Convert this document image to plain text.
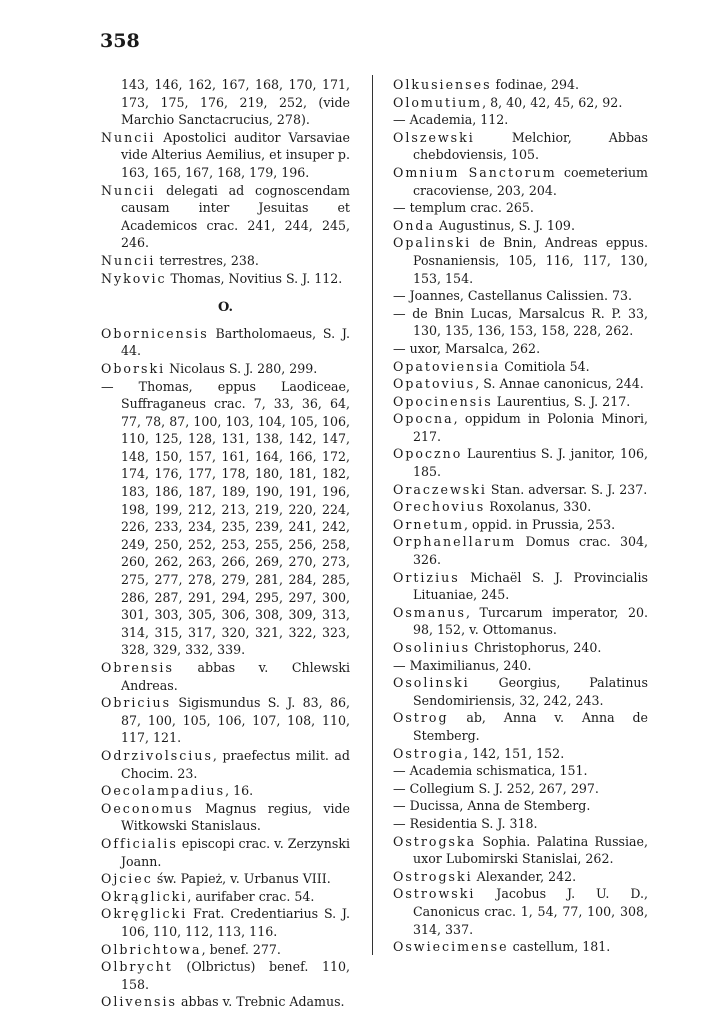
358
143, 146, 162, 167, 168, 170, 171, 173, 175, 176, 219, 252, (vide Marchio Sanctacrucius, 278).
Nuncii Apostolici auditor Varsaviae vide Alterius Aemilius, et insuper p. 163, 165, 167, 168, 179, 196.
Nuncii delegati ad cognoscendam causam inter Jesuitas et Academicos crac. 241, 244, 245, 246.
Nuncii terrestres, 238.
Nykovic Thomas, Novitius S. J. 112.
O.
Obornicensis Bartholomaeus, S. J. 44.
Oborski Nicolaus S. J. 280, 299.
— Thomas, eppus Laodiceae, Suffraganeus crac. 7, 33, 36, 64, 77, 78, 87, 100, 103, 104, 105, 106, 110, 125, 128, 131, 138, 142, 147, 148, 150, 157, 161, 164, 166, 172, 174, 176, 177, 178, 180, 181, 182, 183, 186, 187, 189, 190, 191, 196, 198, 199, 212, 213, 219, 220, 224, 226, 233, 234, 235, 239, 241, 242, 249, 250, 252, 253, 255, 256, 258, 260, 262, 263, 266, 269, 270, 273, 275, 277, 278, 279, 281, 284, 285, 286, 287, 291, 294, 295, 297, 300, 301, 303, 305, 306, 308, 309, 313, 314, 315, 317, 320, 321, 322, 323, 328, 329, 332, 339.
Obrensis abbas v. Chlewski Andreas.
Obricius Sigismundus S. J. 83, 86, 87, 100, 105, 106, 107, 108, 110, 117, 121.
Odrzivolscius, praefectus milit. ad Chocim. 23.
Oecolampadius, 16.
Oeconomus Magnus regius, vide Witkowski Stanislaus.
Officialis episcopi crac. v. Zerzynski Joann.
Ojciec św. Papież, v. Urbanus VIII.
Okrąglicki, aurifaber crac. 54.
Okręglicki Frat. Credentiarius S. J. 106, 110, 112, 113, 116.
Olbrichtowa, benef. 277.
Olbrycht (Olbrictus) benef. 110, 158.
Olivensis abbas v. Trebnic Adamus.
Olkusienses fodinae, 294.
Olomutium, 8, 40, 42, 45, 62, 92.
— Academia, 112.
Olszewski Melchior, Abbas chebdoviensis, 105.
Omnium Sanctorum coemeterium cracoviense, 203, 204.
— templum crac. 265.
Onda Augustinus, S. J. 109.
Opalinski de Bnin, Andreas eppus. Posnaniensis, 105, 116, 117, 130, 153, 154.
— Joannes, Castellanus Calissien. 73.
— de Bnin Lucas, Marsalcus R. P. 33, 130, 135, 136, 153, 158, 228, 262.
— uxor, Marsalca, 262.
Opatoviensia Comitiola 54.
Opatovius, S. Annae canonicus, 244.
Opocinensis Laurentius, S. J. 217.
Opocna, oppidum in Polonia Minori, 217.
Opoczno Laurentius S. J. janitor, 106, 185.
Oraczewski Stan. adversar. S. J. 237.
Orechovius Roxolanus, 330.
Ornetum, oppid. in Prussia, 253.
Orphanellarum Domus crac. 304, 326.
Ortizius Michaël S. J. Provincialis Lituaniae, 245.
Osmanus, Turcarum imperator, 20. 98, 152, v. Ottomanus.
Osolinius Christophorus, 240.
— Maximilianus, 240.
Osolinski Georgius, Palatinus Sendomiriensis, 32, 242, 243.
Ostrog ab, Anna v. Anna de Stemberg.
Ostrogia, 142, 151, 152.
— Academia schismatica, 151.
— Collegium S. J. 252, 267, 297.
— Ducissa, Anna de Stemberg.
— Residentia S. J. 318.
Ostrogska Sophia. Palatina Russiae, uxor Lubomirski Stanislai, 262.
Ostrogski Alexander, 242.
Ostrowski Jacobus J. U. D., Canonicus crac. 1, 54, 77, 100, 308, 314, 337.
Oswiecimense castellum, 181.
